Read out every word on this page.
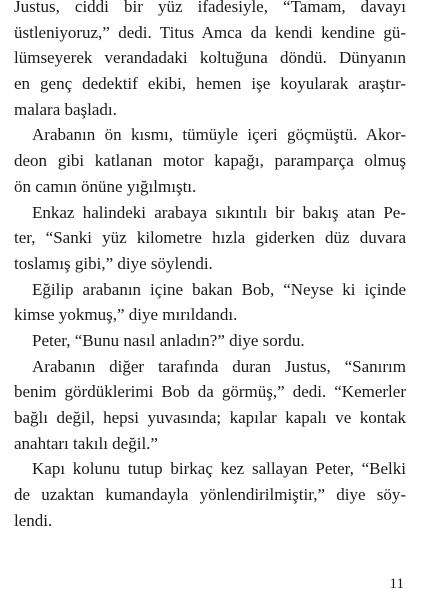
Justus, ciddi bir yüz ifadesiyle, “Tamam, davayı
üstleniyoruz,” dedi. Titus Amca da kendi kendine gü-
lümseyerek verandadaki koltuğuna döndü. Dünyanın
en genç dedektif ekibi, hemen işe koyularak araştır-
malara başladı.
Arabanın ön kısmı, tümüyle içeri göçmüştü. Akor-
deon gibi katlanan motor kapağı, paramparça olmuş
ön camın önüne yığılmıştı.
Enkaz halindeki arabaya sıkıntılı bir bakış atan Pe-
ter, “Sanki yüz kilometre hızla giderken düz duvara
toslamış gibi,” diye söylendi.
Eğilip arabanın içine bakan Bob, “Neyse ki içinde
kimse yokmuş,” diye mırıldandı.
Peter, “Bunu nasıl anladın?” diye sordu.
Arabanın diğer tarafında duran Justus, “Sanırım
benim gördüklerimi Bob da görmüş,” dedi. “Kemerler
bağlı değil, hepsi yuvasında; kapılar kapalı ve kontak
anahtarı takılı değil.”
Kapı kolunu tutup birkaç kez sallayan Peter, “Belki
de uzaktan kumandayla yönlendirilmiştir,” diye söy-
lendi.
11
